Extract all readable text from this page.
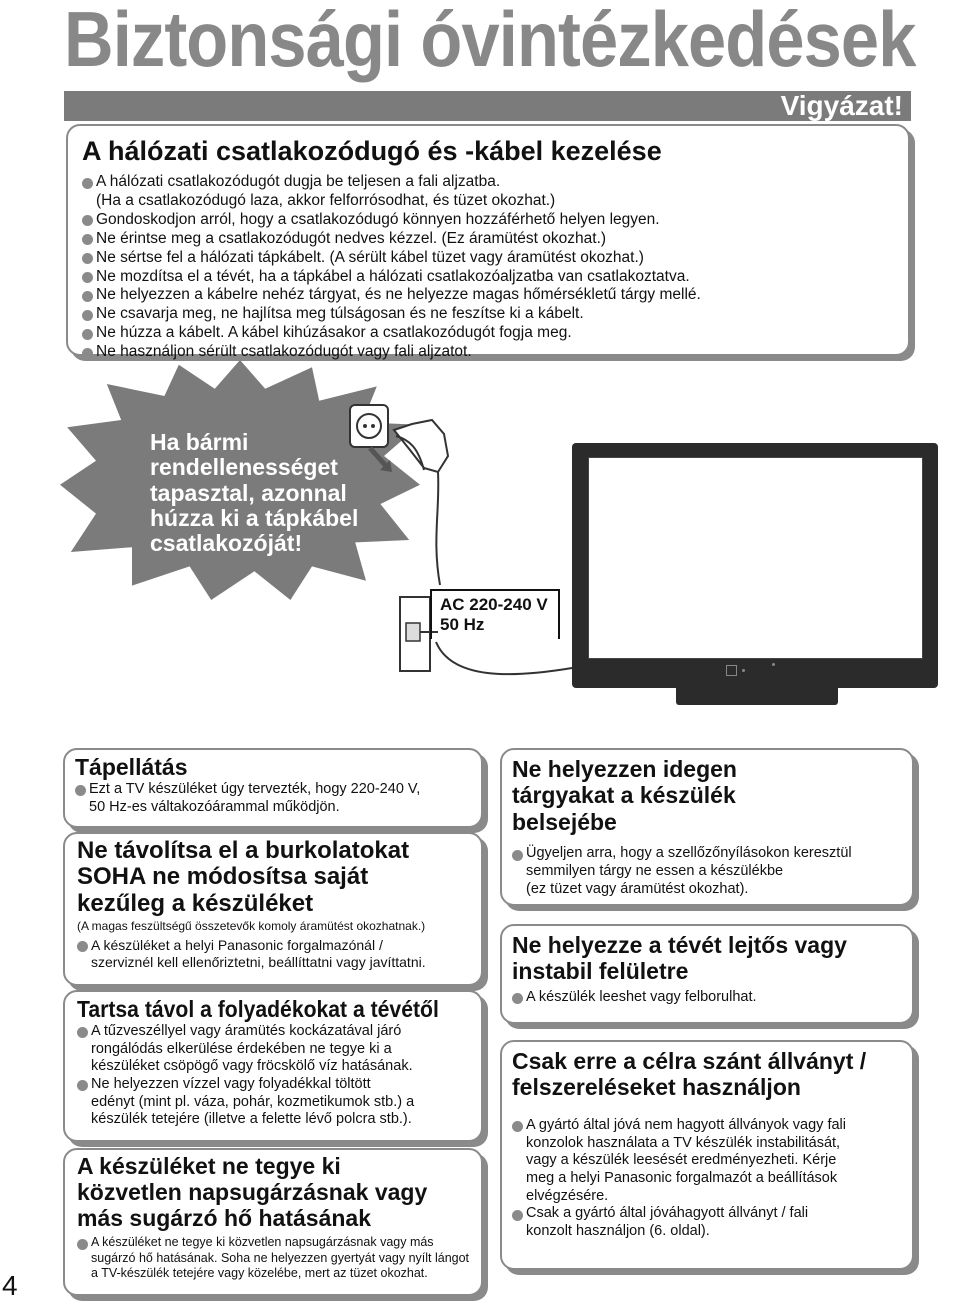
Biztonsági óvintézkedések
Vigyázat!
A hálózati csatlakozódugó és -kábel kezelése

A hálózati csatlakozódugót dugja be teljesen a fali aljzatba.

(Ha a csatlakozódugó laza, akkor felforrósodhat, és tüzet okozhat.)

Gondoskodjon arról, hogy a csatlakozódugó könnyen hozzáférhető helyen legyen.

Ne érintse meg a csatlakozódugót nedves kézzel. (Ez áramütést okozhat.)

Ne sértse fel a hálózati tápkábelt. (A sérült kábel tüzet vagy áramütést okozhat.)

Ne mozdítsa el a tévét, ha a tápkábel a hálózati csatlakozóaljzatba van csatlakoztatva.

Ne helyezzen a kábelre nehéz tárgyat, és ne helyezze magas hőmérsékletű tárgy mellé.

Ne csavarja meg, ne hajlítsa meg túlságosan és ne feszítse ki a kábelt.

Ne húzza a kábelt. A kábel kihúzásakor a csatlakozódugót fogja meg.

Ne használjon sérült csatlakozódugót vagy fali aljzatot.

Ha bármi
rendellenességet
tapasztal, azonnal
húzza ki a tápkábel
csatlakozóját!

AC 220-240 V

50 Hz

Tápellátás

Ezt a TV készüléket úgy tervezték, hogy 220-240 V,

50 Hz-es váltakozóárammal működjön.

Ne távolítsa el a burkolatokat
SOHA ne módosítsa saját
kezűleg a készüléket

(A magas feszültségű összetevők komoly áramütést okozhatnak.)

A készüléket a helyi Panasonic forgalmazónál /

szerviznél kell ellenőriztetni, beállíttatni vagy javíttatni.

Tartsa távol a folyadékokat a tévétől

A tűzveszéllyel vagy áramütés kockázatával járó

rongálódás elkerülése érdekében ne tegye ki a

készüléket csöpögő vagy fröcskölő víz hatásának.

Ne helyezzen vízzel vagy folyadékkal töltött

edényt (mint pl. váza, pohár, kozmetikumok stb.) a

készülék tetejére (illetve a felette lévő polcra stb.).

A készüléket ne tegye ki
közvetlen napsugárzásnak vagy
más sugárzó hő hatásának

A készüléket ne tegye ki közvetlen napsugárzásnak vagy más

sugárzó hő hatásának. Soha ne helyezzen gyertyát vagy nyílt lángot

a TV-készülék tetejére vagy közelébe, mert az tüzet okozhat.

Ne helyezzen idegen
tárgyakat a készülék
belsejébe

Ügyeljen arra, hogy a szellőzőnyílásokon keresztül

semmilyen tárgy ne essen a készülékbe

(ez tüzet vagy áramütést okozhat).

Ne helyezze a tévét lejtős vagy
instabil felületre

A készülék leeshet vagy felborulhat.

Csak erre a célra szánt állványt /
felszereléseket használjon

A gyártó által jóvá nem hagyott állványok vagy fali

konzolok használata a TV készülék instabilitását,

vagy a készülék leesését eredményezheti. Kérje

meg a helyi Panasonic forgalmazót a beállítások

elvégzésére.

Csak a gyártó által jóváhagyott állványt / fali

konzolt használjon (6. oldal).

4
